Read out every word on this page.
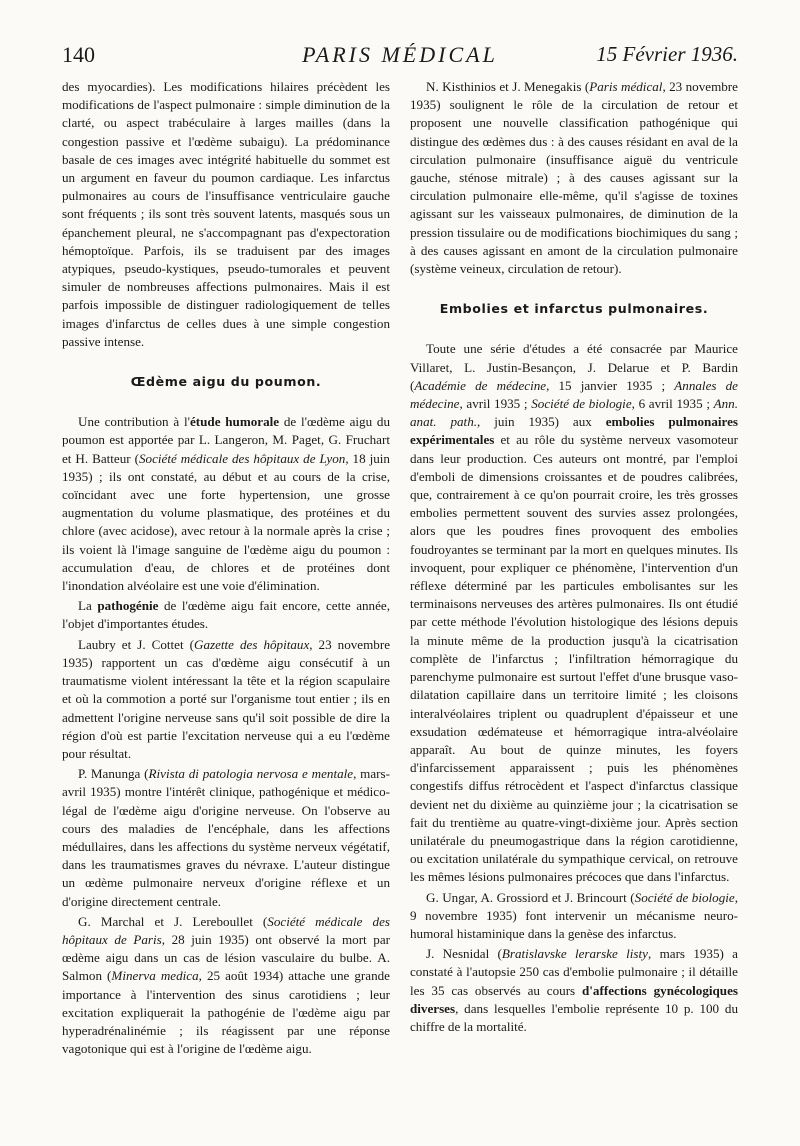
140	PARIS MÉDICAL	15 Février 1936.

des myocardies). Les modifications hilaires précèdent les modifications de l'aspect pulmonaire : simple diminution de la clarté, ou aspect trabéculaire à larges mailles (dans la congestion passive et l'œdème subaigu). La prédominance basale de ces images avec intégrité habituelle du sommet est un argument en faveur du poumon cardiaque. Les infarctus pulmonaires au cours de l'insuffisance ventriculaire gauche sont fréquents ; ils sont très souvent latents, masqués sous un épanchement pleural, ne s'accompagnant pas d'expectoration hémoptoïque. Parfois, ils se traduisent par des images atypiques, pseudo-kystiques, pseudo-tumorales et peuvent simuler de nombreuses affections pulmonaires. Mais il est parfois impossible de distinguer radiologiquement de telles images d'infarctus de celles dues à une simple congestion passive intense.

Œdème aigu du poumon.

Une contribution à l'étude humorale de l'œdème aigu du poumon est apportée par L. Langeron, M. Paget, G. Fruchart et H. Batteur (Société médicale des hôpitaux de Lyon, 18 juin 1935) ; ils ont constaté, au début et au cours de la crise, coïncidant avec une forte hypertension, une grosse augmentation du volume plasmatique, des protéines et du chlore (avec acidose), avec retour à la normale après la crise ; ils voient là l'image sanguine de l'œdème aigu du poumon : accumulation d'eau, de chlores et de protéines dont l'inondation alvéolaire est une voie d'élimination.

La pathogénie de l'œdème aigu fait encore, cette année, l'objet d'importantes études.

Laubry et J. Cottet (Gazette des hôpitaux, 23 novembre 1935) rapportent un cas d'œdème aigu consécutif à un traumatisme violent intéressant la tête et la région scapulaire et où la commotion a porté sur l'organisme tout entier ; ils en admettent l'origine nerveuse sans qu'il soit possible de dire la région d'où est partie l'excitation nerveuse qui a eu l'œdème pour résultat.

P. Manunga (Rivista di patologia nervosa e mentale, mars-avril 1935) montre l'intérêt clinique, pathogénique et médico-légal de l'œdème aigu d'origine nerveuse. On l'observe au cours des maladies de l'encéphale, dans les affections médullaires, dans les affections du système nerveux végétatif, dans les traumatismes graves du névraxe. L'auteur distingue un œdème pulmonaire nerveux d'origine réflexe et un d'origine directement centrale.

G. Marchal et J. Lereboullet (Société médicale des hôpitaux de Paris, 28 juin 1935) ont observé la mort par œdème aigu dans un cas de lésion vasculaire du bulbe. A. Salmon (Minerva medica, 25 août 1934) attache une grande importance à l'intervention des sinus carotidiens ; leur excitation expliquerait la pathogénie de l'œdème aigu par hyperadrénalinémie ; ils réagissent par une réponse vagotonique qui est à l'origine de l'œdème aigu.

N. Kisthinios et J. Menegakis (Paris médical, 23 novembre 1935) soulignent le rôle de la circulation de retour et proposent une nouvelle classification pathogénique qui distingue des œdèmes dus : à des causes résidant en aval de la circulation pulmonaire (insuffisance aiguë du ventricule gauche, sténose mitrale) ; à des causes agissant sur la circulation pulmonaire elle-même, qu'il s'agisse de toxines agissant sur les vaisseaux pulmonaires, de diminution de la pression tissulaire ou de modifications biochimiques du sang ; à des causes agissant en amont de la circulation pulmonaire (système veineux, circulation de retour).

Embolies et infarctus pulmonaires.

Toute une série d'études a été consacrée par Maurice Villaret, L. Justin-Besançon, J. Delarue et P. Bardin (Académie de médecine, 15 janvier 1935 ; Annales de médecine, avril 1935 ; Société de biologie, 6 avril 1935 ; Ann. anat. path., juin 1935) aux embolies pulmonaires expérimentales et au rôle du système nerveux vasomoteur dans leur production. Ces auteurs ont montré, par l'emploi d'emboli de dimensions croissantes et de poudres calibrées, que, contrairement à ce qu'on pourrait croire, les très grosses embolies permettent souvent des survies assez prolongées, alors que les poudres fines provoquent des embolies foudroyantes se terminant par la mort en quelques minutes. Ils invoquent, pour expliquer ce phénomène, l'intervention d'un réflexe déterminé par les particules embolisantes sur les terminaisons nerveuses des artères pulmonaires. Ils ont étudié par cette méthode l'évolution histologique des lésions depuis la minute même de la production jusqu'à la cicatrisation complète de l'infarctus ; l'infiltration hémorragique du parenchyme pulmonaire est surtout l'effet d'une brusque vaso-dilatation capillaire dans un territoire limité ; les cloisons interalvéolaires triplent ou quadruplent d'épaisseur et une exsudation œdémateuse et hémorragique intra-alvéolaire apparaît. Au bout de quinze minutes, les foyers d'infarcissement apparaissent ; puis les phénomènes congestifs diffus rétrocèdent et l'aspect d'infarctus classique devient net du dixième au quinzième jour ; la cicatrisation se fait du trentième au quatre-vingt-dixième jour. Après section unilatérale du pneumogastrique dans la région carotidienne, ou excitation unilatérale du sympathique cervical, on retrouve les mêmes lésions pulmonaires précoces que dans l'infarctus.

G. Ungar, A. Grossiord et J. Brincourt (Société de biologie, 9 novembre 1935) font intervenir un mécanisme neuro-humoral histaminique dans la genèse des infarctus.

J. Nesnidal (Bratislavske lerarske listy, mars 1935) a constaté à l'autopsie 250 cas d'embolie pulmonaire ; il détaille les 35 cas observés au cours d'affections gynécologiques diverses, dans lesquelles l'embolie représente 10 p. 100 du chiffre de la mortalité.
